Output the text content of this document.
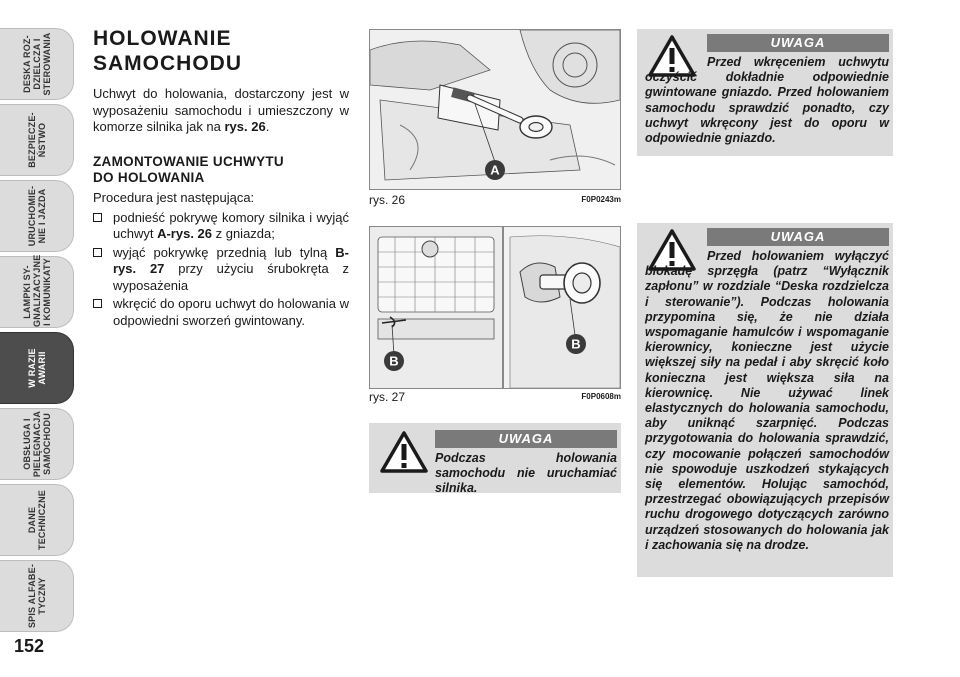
DESKA ROZ-
DZIELCZA I
STEROWANIA
BEZPIECZE-
ŃSTWO
URUCHOMIE-
NIE I JAZDA
LAMPKI SY-
GNALIZACYJNE
I KOMUNIKATY
W RAZIE
AWARII
OBSŁUGA I
PIELĘGNACJA
SAMOCHODU
DANE
TECHNICZNE
SPIS ALFABE-
TYCZNY
152
HOLOWANIE
SAMOCHODU

Uchwyt do holowania, dostarczony jest w wyposażeniu samochodu i umieszczony w komorze silnika jak na rys. 26.

ZAMONTOWANIE UCHWYTU
DO HOLOWANIA

Procedura jest następująca:

podnieść pokrywę komory silnika i wyjąć uchwyt A-rys. 26 z gniazda;
wyjąć pokrywkę przednią lub tylną B-rys. 27 przy użyciu śrubokręta z wyposażenia
wkręcić do oporu uchwyt do holowania w odpowiedni sworzeń gwintowany.
A
rys. 26	F0P0243m
B
B
rys. 27	F0P0608m
UWAGA
Przed wkręceniem uchwytu oczyścić dokładnie odpowiednie gwintowane gniazdo. Przed holowaniem samochodu sprawdzić ponadto, czy uchwyt wkręcony jest do oporu w odpowiednie gniazdo.
UWAGA
Przed holowaniem wyłączyć blokadę sprzęgła (patrz “Wyłącznik zapłonu” w rozdziale “Deska rozdzielcza i sterowanie”). Podczas holowania przypomina się, że nie działa wspomaganie hamulców i wspomaganie kierownicy, konieczne jest użycie większej siły na pedał i aby skręcić koło konieczna jest większa siła na kierownicę. Nie używać linek elastycznych do holowania samochodu, aby uniknąć szarpnięć. Podczas przygotowania do holowania sprawdzić, czy mocowanie połączeń samochodów nie spowoduje uszkodzeń stykających się elementów. Holując samochód, przestrzegać obowiązujących przepisów ruchu drogowego dotyczących zarówno urządzeń stosowanych do holowania jak i zachowania się na drodze.
UWAGA
Podczas holowania samochodu nie uruchamiać silnika.
